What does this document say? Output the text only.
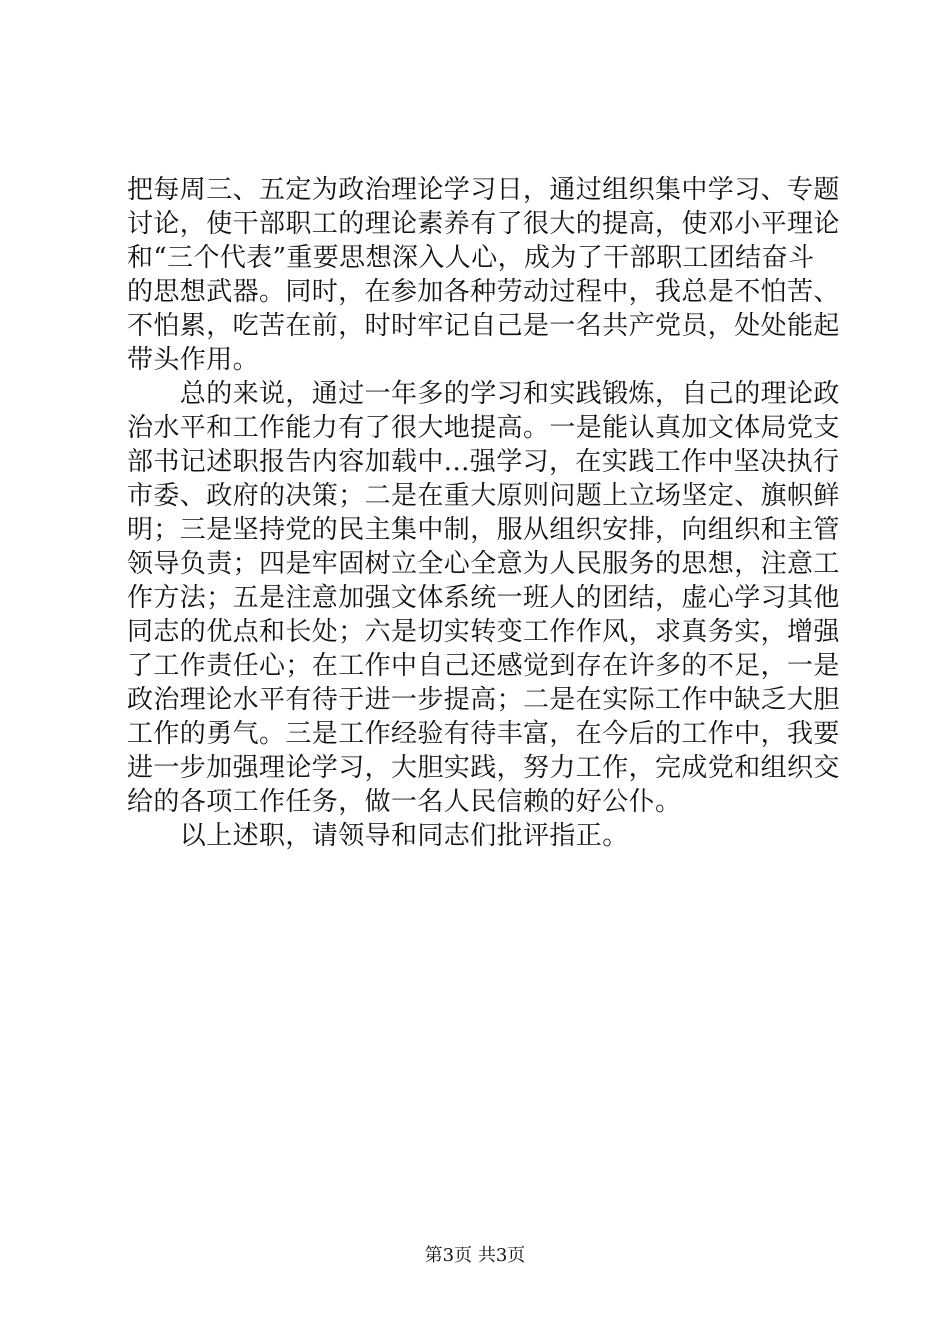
把每周三、五定为政治理论学习日，通过组织集中学习、专题
讨论，使干部职工的理论素养有了很大的提高，使邓小平理论
和“三个代表”重要思想深入人心，成为了干部职工团结奋斗
的思想武器。同时，在参加各种劳动过程中，我总是不怕苦、
不怕累，吃苦在前，时时牢记自己是一名共产党员，处处能起
带头作用。
　　总的来说，通过一年多的学习和实践锻炼，自己的理论政
治水平和工作能力有了很大地提高。一是能认真加文体局党支
部书记述职报告内容加载中...强学习，在实践工作中坚决执行
市委、政府的决策；二是在重大原则问题上立场坚定、旗帜鲜
明；三是坚持党的民主集中制，服从组织安排，向组织和主管
领导负责；四是牢固树立全心全意为人民服务的思想，注意工
作方法；五是注意加强文体系统一班人的团结，虚心学习其他
同志的优点和长处；六是切实转变工作作风，求真务实，增强
了工作责任心；在工作中自己还感觉到存在许多的不足，一是
政治理论水平有待于进一步提高；二是在实际工作中缺乏大胆
工作的勇气。三是工作经验有待丰富，在今后的工作中，我要
进一步加强理论学习，大胆实践，努力工作，完成党和组织交
给的各项工作任务，做一名人民信赖的好公仆。
　　以上述职，请领导和同志们批评指正。
第3页 共3页
